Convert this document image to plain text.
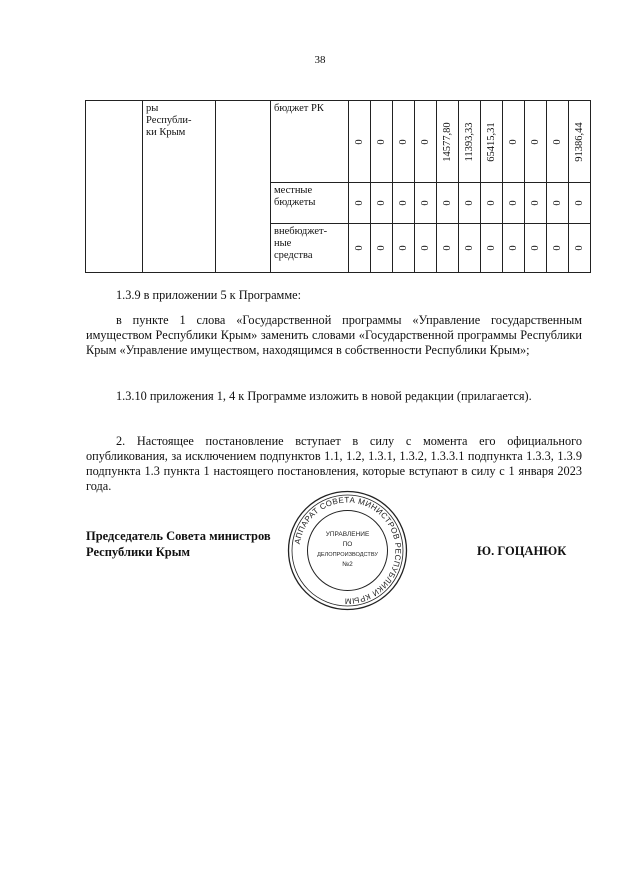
38
	ры
Республи-
ки Крым		бюджет РК	0	0	0	0	14577,80	11393,33	65415,31	0	0	0	91386,44

			местные бюджеты	0	0	0	0	0	0	0	0	0	0	0

			внебюджет-
ные
средства	0	0	0	0	0	0	0	0	0	0	0

1.3.9 в приложении 5 к Программе:

в пункте 1 слова «Государственной программы «Управление государственным имуществом Республики Крым» заменить словами «Государственной программы Республики Крым «Управление имуществом, находящимся в собственности Республики Крым»;

1.3.10 приложения 1, 4 к Программе изложить в новой редакции (прилагается).

2. Настоящее постановление вступает в силу с момента его официального опубликования, за исключением подпунктов 1.1, 1.2, 1.3.1, 1.3.2, 1.3.3.1 подпункта 1.3.3, 1.3.9 подпункта 1.3 пункта 1 настоящего постановления, которые вступают в силу с 1 января 2023 года.

Председатель Совета министров
Республики Крым	Ю. ГОЦАНЮК
АППАРАТ СОВЕТА МИНИСТРОВ РЕСПУБЛИКИ КРЫМ
УПРАВЛЕНИЕ
ПО
ДЕЛОПРОИЗВОДСТВУ
№2
